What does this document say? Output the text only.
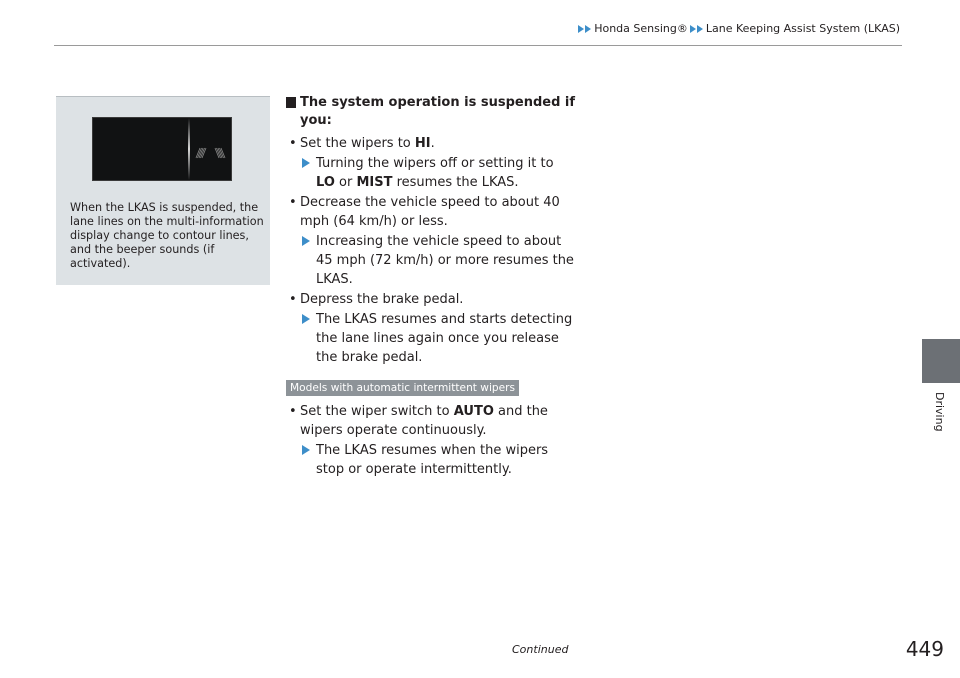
Honda Sensing® Lane Keeping Assist System (LKAS)

When the LKAS is suspended, the lane lines on the multi-information display change to contour lines, and the beeper sounds (if activated).

The system operation is suspended if you:

• Set the wipers to HI.

Turning the wipers off or setting it to LO or MIST resumes the LKAS.

• Decrease the vehicle speed to about 40 mph (64 km/h) or less.

Increasing the vehicle speed to about 45 mph (72 km/h) or more resumes the LKAS.

• Depress the brake pedal.

The LKAS resumes and starts detecting the lane lines again once you release the brake pedal.

Models with automatic intermittent wipers

• Set the wiper switch to AUTO and the wipers operate continuously.

The LKAS resumes when the wipers stop or operate intermittently.

Driving
Continued	449
